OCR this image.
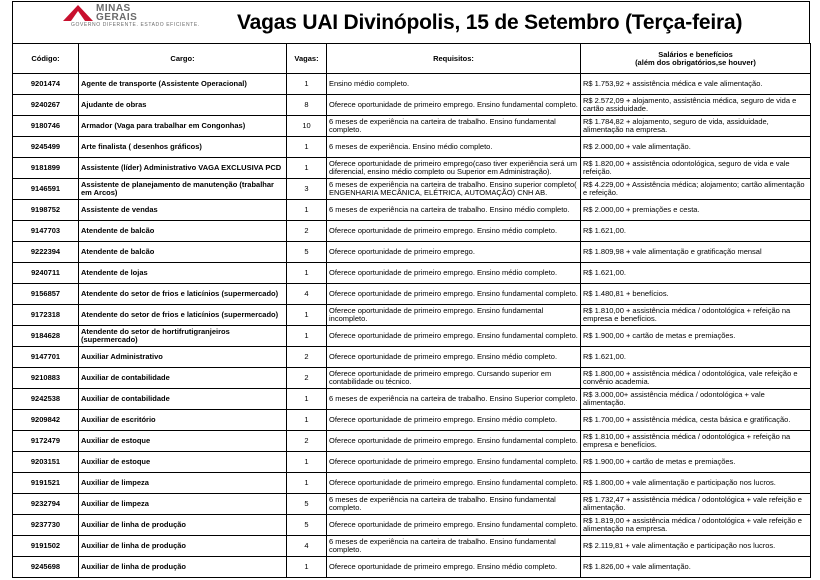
MINAS
GERAIS
GOVERNO DIFERENTE. ESTADO EFICIENTE. Vagas UAI Divinópolis, 15 de Setembro (Terça-feira)
Código:	Cargo:	Vagas:	Requisitos:	Salários e benefícios
(além dos obrigatórios,se houver)

9201474	Agente de transporte (Assistente Operacional)	1	Ensino médio completo.	R$ 1.753,92 + assistência médica e vale alimentação.
9240267	Ajudante de obras	8	Oferece oportunidade de primeiro emprego. Ensino fundamental completo.	R$ 2.572,09 + alojamento, assistência médica, seguro de vida e cartão assiduidade.
9180746	Armador (Vaga para trabalhar em Congonhas)	10	6 meses de experiência na carteira de trabalho. Ensino fundamental completo.	R$ 1.784,82 + alojamento, seguro de vida, assiduidade, alimentação na empresa.
9245499	Arte finalista ( desenhos gráficos)	1	6 meses de experiência. Ensino médio completo.	R$ 2.000,00 + vale alimentação.
9181899	Assistente (líder) Administrativo VAGA EXCLUSIVA PCD	1	Oferece oportunidade de primeiro emprego(caso tiver experiência será um diferencial, ensino médio completo ou Superior em Administração).	R$ 1.820,00 + assistência odontológica, seguro de vida e vale refeição.
9146591	Assistente de planejamento de manutenção (trabalhar em Arcos)	3	6 meses de experiência na carteira de trabalho. Ensino superior completo( ENGENHARIA MECÂNICA, ELÉTRICA, AUTOMAÇÃO) CNH AB.	R$ 4.229,00 + Assistência médica; alojamento; cartão alimentação e refeição.
9198752	Assistente de vendas	1	6 meses de experiência na carteira de trabalho. Ensino médio completo.	R$ 2.000,00 + premiações e cesta.
9147703	Atendente de balcão	2	Oferece oportunidade de primeiro emprego. Ensino médio completo.	R$ 1.621,00.
9222394	Atendente de balcão	5	Oferece oportunidade de primeiro emprego.	R$ 1.809,98 + vale alimentação e gratificação mensal
9240711	Atendente de lojas	1	Oferece oportunidade de primeiro emprego. Ensino médio completo.	R$ 1.621,00.
9156857	Atendente do setor de frios e laticínios (supermercado)	4	Oferece oportunidade de primeiro emprego. Ensino fundamental completo.	R$ 1.480,81 + benefícios.
9172318	Atendente do setor de frios e laticínios (supermercado)	1	Oferece oportunidade de primeiro emprego. Ensino fundamental incompleto.	R$ 1.810,00 + assistência médica / odontológica + refeição na empresa e benefícios.
9184628	Atendente do setor de hortifrutigranjeiros (supermercado)	1	Oferece oportunidade de primeiro emprego. Ensino fundamental completo.	R$ 1.900,00 + cartão de metas e premiações.
9147701	Auxiliar Administrativo	2	Oferece oportunidade de primeiro emprego. Ensino médio completo.	R$ 1.621,00.
9210883	Auxiliar de contabilidade	2	Oferece oportunidade de primeiro emprego. Cursando superior em contabilidade ou técnico.	R$ 1.800,00 + assistência médica / odontológica, vale refeição e convênio academia.
9242538	Auxiliar de contabilidade	1	6 meses de experiência na carteira de trabalho. Ensino Superior completo.	R$ 3.000,00+ assistência médica / odontológica + vale alimentação.
9209842	Auxiliar de escritório	1	Oferece oportunidade de primeiro emprego. Ensino médio completo.	R$ 1.700,00 + assistência médica, cesta básica e gratificação.
9172479	Auxiliar de estoque	2	Oferece oportunidade de primeiro emprego. Ensino fundamental completo.	R$ 1.810,00 + assistência médica / odontológica + refeição na empresa e benefícios.
9203151	Auxiliar de estoque	1	Oferece oportunidade de primeiro emprego. Ensino fundamental completo.	R$ 1.900,00 + cartão de metas e premiações.
9191521	Auxiliar de limpeza	1	Oferece oportunidade de primeiro emprego. Ensino fundamental completo.	R$ 1.800,00 + vale alimentação e participação nos lucros.
9232794	Auxiliar de limpeza	5	6 meses de experiência na carteira de trabalho. Ensino fundamental completo.	R$ 1.732,47 + assistência médica / odontológica + vale refeição e alimentação.
9237730	Auxiliar de linha de produção	5	Oferece oportunidade de primeiro emprego. Ensino fundamental completo.	R$ 1.819,00 + assistência médica / odontológica + vale refeição e alimentação na empresa.
9191502	Auxiliar de linha de produção	4	6 meses de experiência na carteira de trabalho. Ensino fundamental completo.	R$ 2.119,81 + vale alimentação e participação nos lucros.
9245698	Auxiliar de linha de produção	1	Oferece oportunidade de primeiro emprego. Ensino médio completo.	R$ 1.826,00 + vale alimentação.
